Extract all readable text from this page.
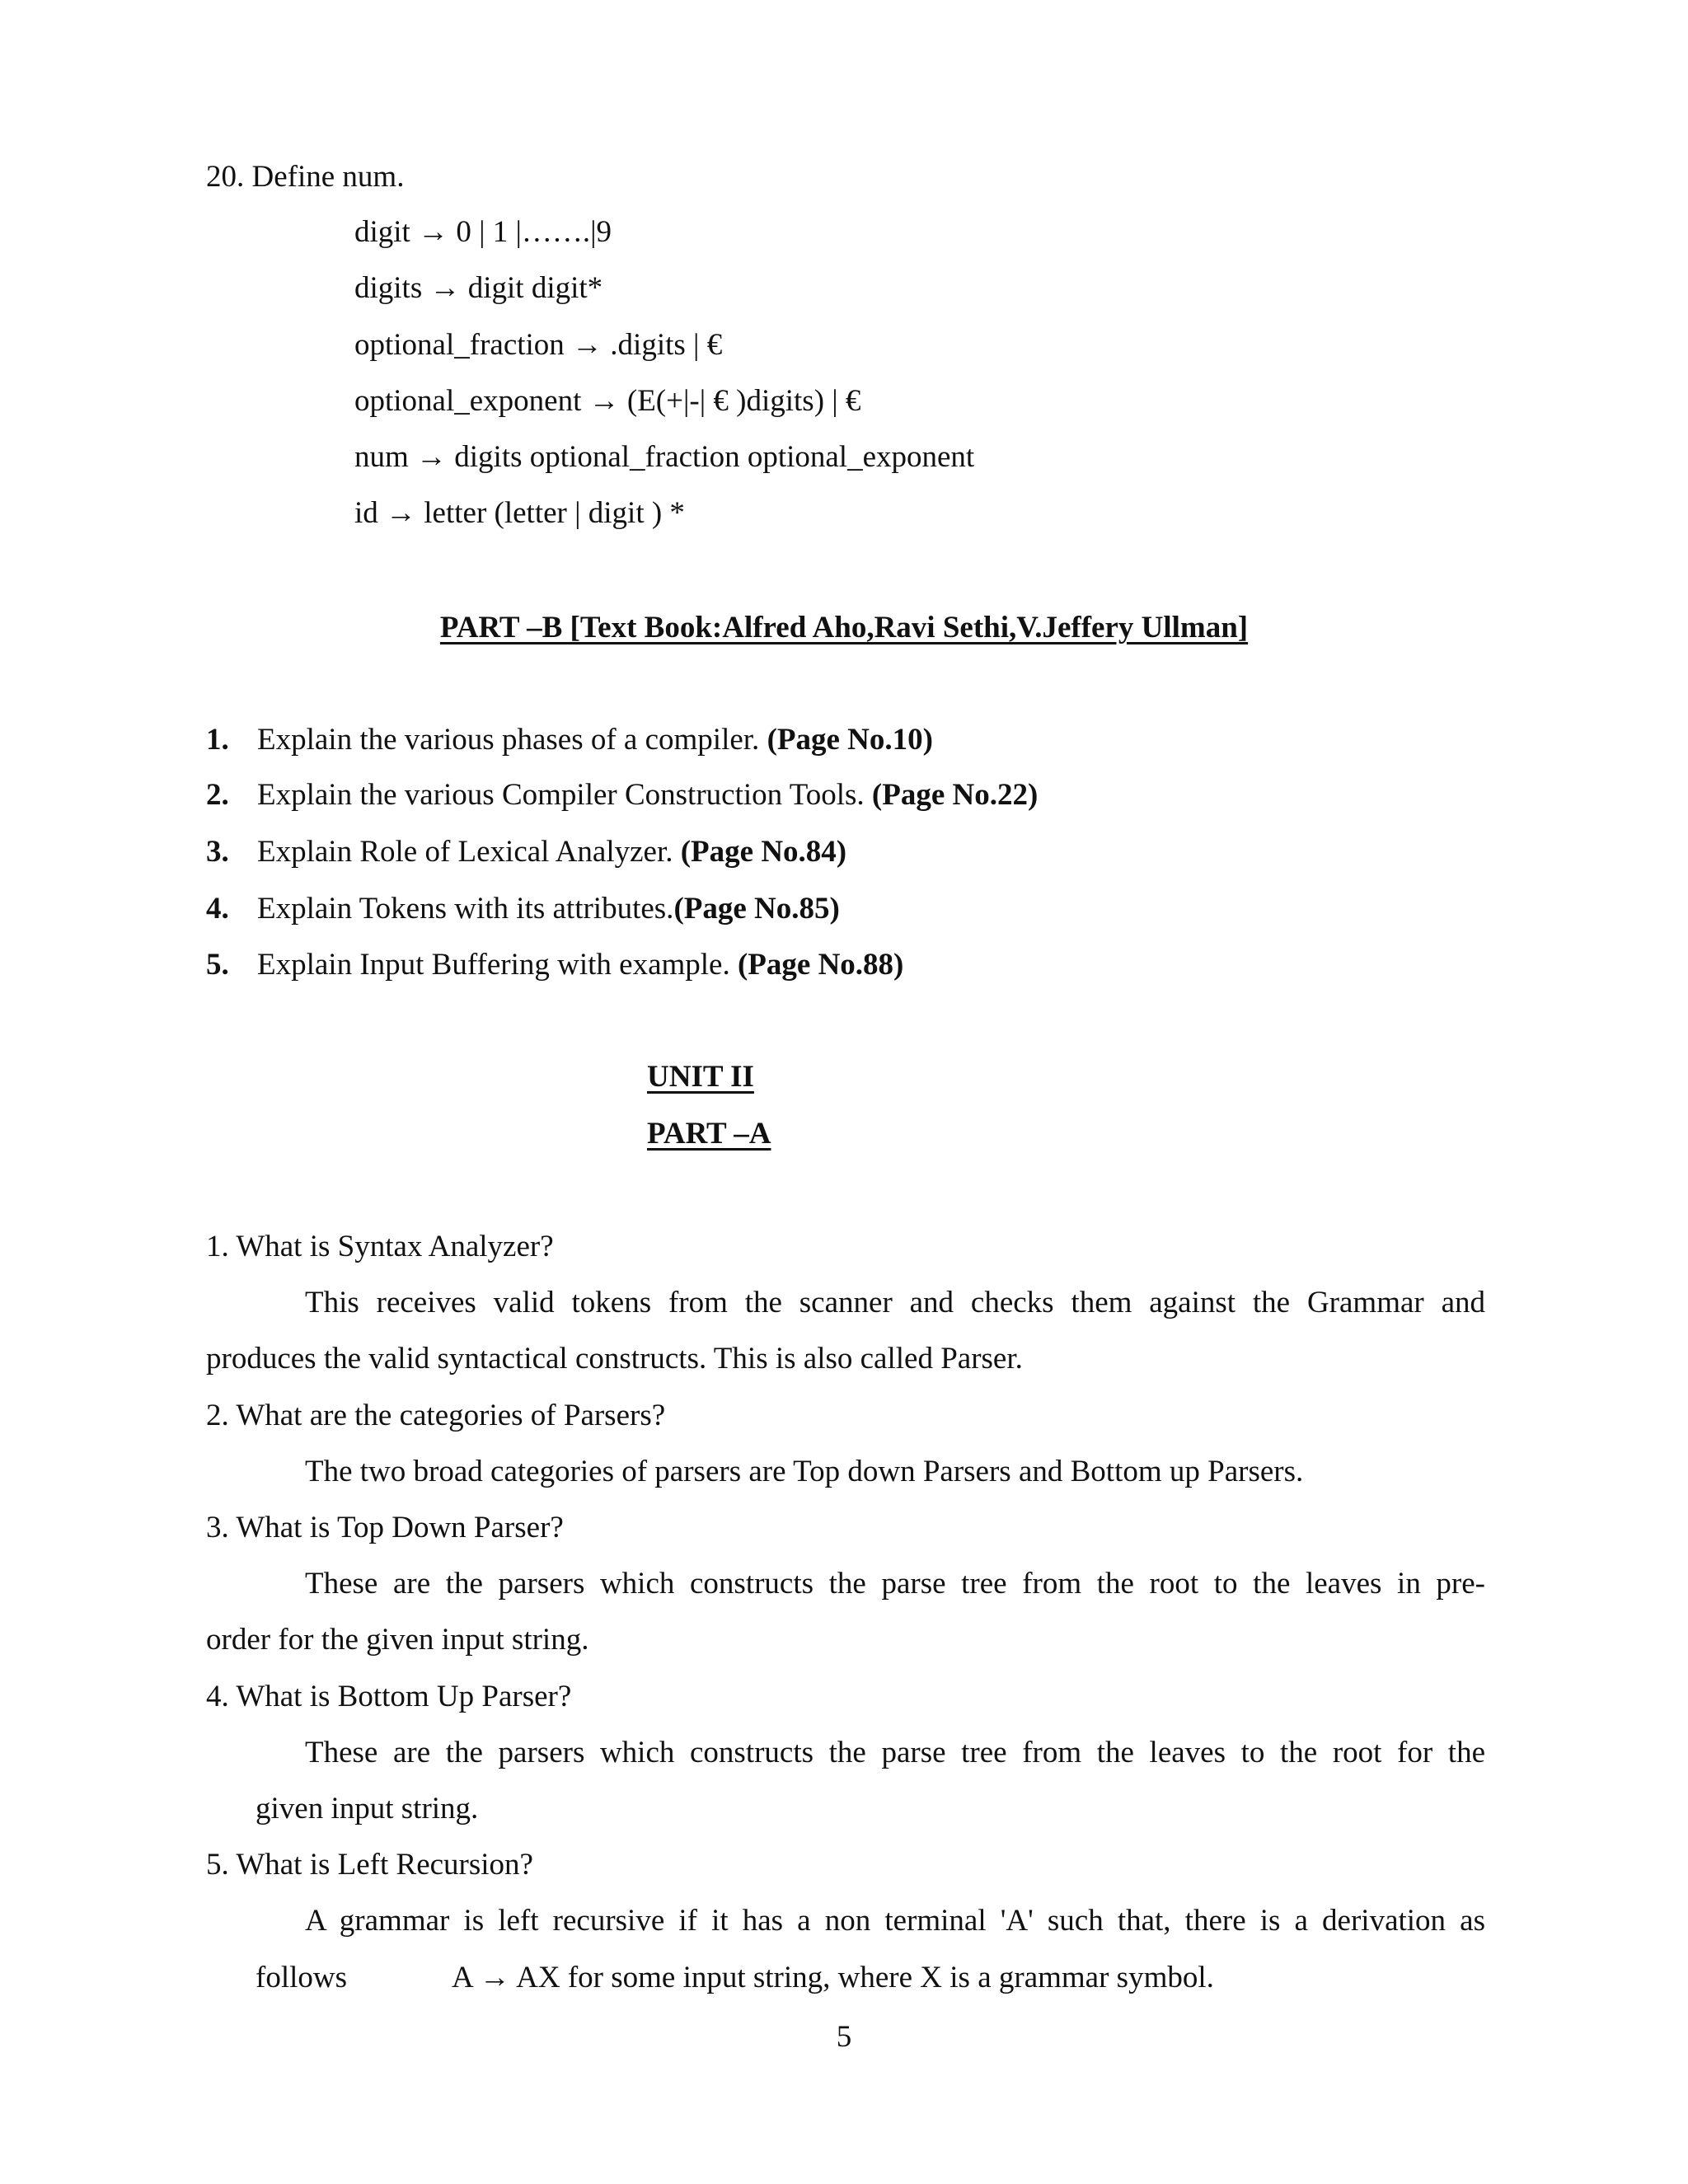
20. Define num.
digit → 0 | 1 |…….|9
digits → digit digit*
optional_fraction → .digits | €
optional_exponent → (E(+|-| € )digits) | €
num → digits optional_fraction optional_exponent
id → letter (letter | digit ) *
PART –B [Text Book:Alfred Aho,Ravi Sethi,V.Jeffery Ullman]
1. Explain the various phases of a compiler. (Page No.10)
2. Explain the various Compiler Construction Tools. (Page No.22)
3. Explain Role of Lexical Analyzer. (Page No.84)
4. Explain Tokens with its attributes.(Page No.85)
5. Explain Input Buffering with example. (Page No.88)
UNIT II
PART –A
1. What is Syntax Analyzer?
This receives valid tokens from the scanner and checks them against the Grammar and
produces the valid syntactical constructs. This is also called Parser.
2. What are the categories of Parsers?
The two broad categories of parsers are Top down Parsers and Bottom up Parsers.
3. What is Top Down Parser?
These are the parsers which constructs the parse tree from the root to the leaves in pre-
order for the given input string.
4. What is Bottom Up Parser?
These are the parsers which constructs the parse tree from the leaves to the root for the
given input string.
5. What is Left Recursion?
A grammar is left recursive if it has a non terminal 'A' such that, there is a derivation as
follows	A → AX for some input string, where X is a grammar symbol.
5
